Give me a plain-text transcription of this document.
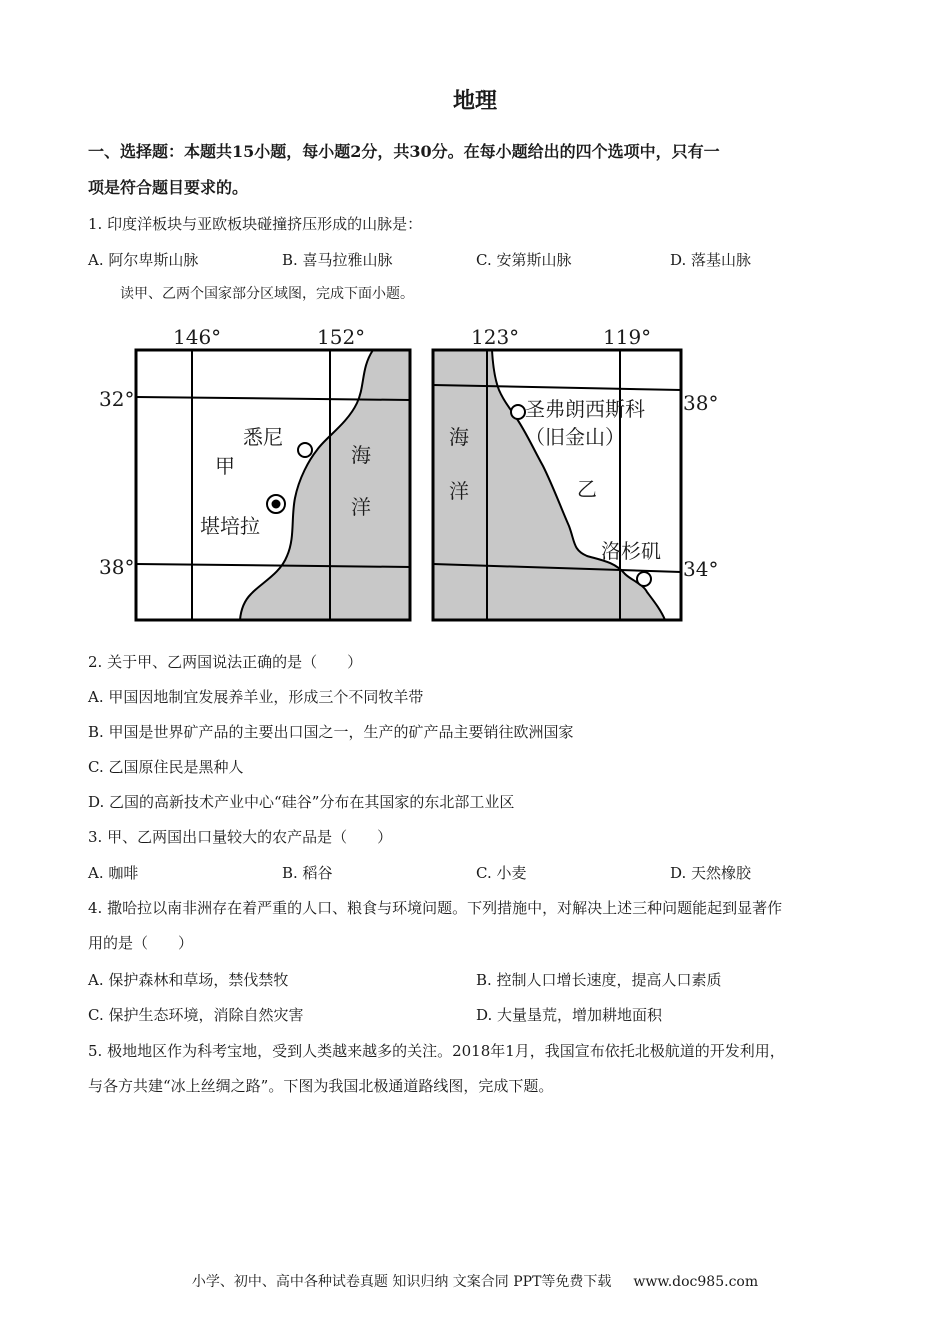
地理
一、选择题：本题共15小题，每小题2分，共30分。在每小题给出的四个选项中，只有一
项是符合题目要求的。
1. 印度洋板块与亚欧板块碰撞挤压形成的山脉是：
A. 阿尔卑斯山脉	B. 喜马拉雅山脉	C. 安第斯山脉	D. 落基山脉
读甲、乙两个国家部分区域图，完成下面小题。
146°	152°
32°
38°
悉尼
甲
堪培拉
海
洋
123°	119°
38°
34°
圣弗朗西斯科
（旧金山）
海
洋	乙
洛杉矶
2. 关于甲、乙两国说法正确的是（　　）
A. 甲国因地制宜发展养羊业，形成三个不同牧羊带
B. 甲国是世界矿产品的主要出口国之一，生产的矿产品主要销往欧洲国家
C. 乙国原住民是黑种人
D. 乙国的高新技术产业中心“硅谷”分布在其国家的东北部工业区
3. 甲、乙两国出口量较大的农产品是（　　）
A. 咖啡	B. 稻谷	C. 小麦	D. 天然橡胶
4. 撒哈拉以南非洲存在着严重的人口、粮食与环境问题。下列措施中，对解决上述三种问题能起到显著作
用的是（　　）
A. 保护森林和草场，禁伐禁牧	B. 控制人口增长速度，提高人口素质
C. 保护生态环境，消除自然灾害	D. 大量垦荒，增加耕地面积
5. 极地地区作为科考宝地，受到人类越来越多的关注。2018年1月，我国宣布依托北极航道的开发利用，
与各方共建“冰上丝绸之路”。下图为我国北极通道路线图，完成下题。
小学、初中、高中各种试卷真题 知识归纳 文案合同 PPT等免费下载 www.doc985.com
